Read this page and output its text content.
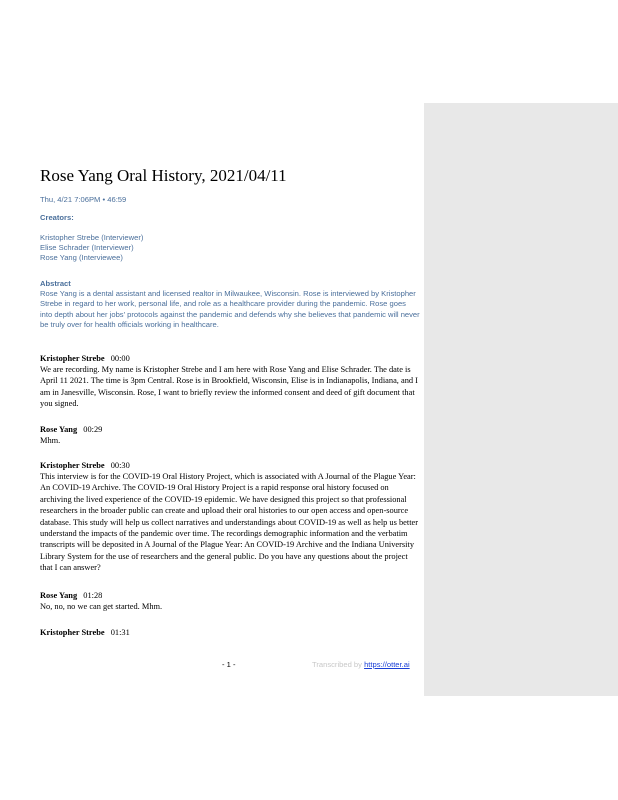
Rose Yang Oral History, 2021/04/11
Thu, 4/21 7:06PM • 46:59
Creators:
Kristopher Strebe (Interviewer)
Elise Schrader (Interviewer)
Rose Yang (Interviewee)
Abstract
Rose Yang is a dental assistant and licensed realtor in Milwaukee, Wisconsin. Rose is interviewed by Kristopher Strebe in regard to her work, personal life, and role as a healthcare provider during the pandemic. Rose goes into depth about her jobs' protocols against the pandemic and defends why she believes that pandemic will never be truly over for health officials working in healthcare.
Kristopher Strebe 00:00
We are recording. My name is Kristopher Strebe and I am here with Rose Yang and Elise Schrader. The date is April 11 2021. The time is 3pm Central. Rose is in Brookfield, Wisconsin, Elise is in Indianapolis, Indiana, and I am in Janesville, Wisconsin. Rose, I want to briefly review the informed consent and deed of gift document that you signed.
Rose Yang 00:29
Mhm.
Kristopher Strebe 00:30
This interview is for the COVID-19 Oral History Project, which is associated with A Journal of the Plague Year: An COVID-19 Archive. The COVID-19 Oral History Project is a rapid response oral history focused on archiving the lived experience of the COVID-19 epidemic. We have designed this project so that professional researchers in the broader public can create and upload their oral histories to our open access and open-source database. This study will help us collect narratives and understandings about COVID-19 as well as help us better understand the impacts of the pandemic over time. The recordings demographic information and the verbatim transcripts will be deposited in A Journal of the Plague Year: An COVID-19 Archive and the Indiana University Library System for the use of researchers and the general public. Do you have any questions about the project that I can answer?
Rose Yang 01:28
No, no, no we can get started. Mhm.
Kristopher Strebe 01:31
- 1 -	Transcribed by https://otter.ai
